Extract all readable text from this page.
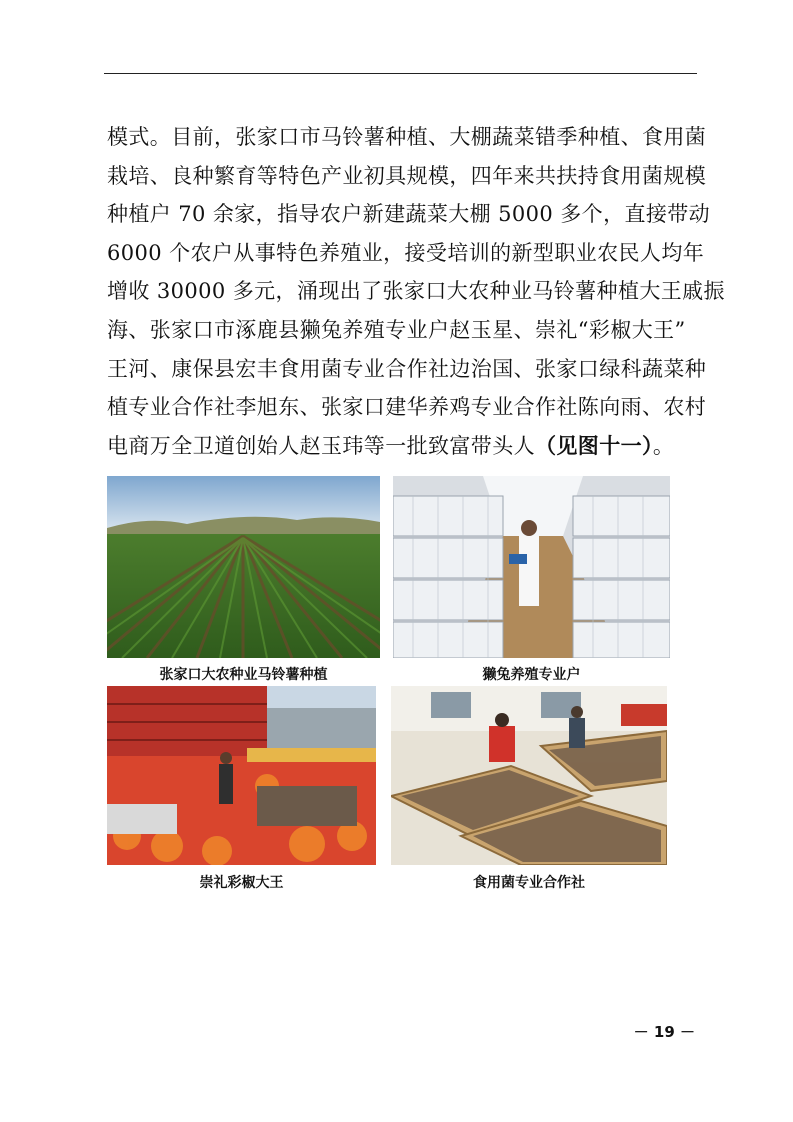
模式。目前，张家口市马铃薯种植、大棚蔬菜错季种植、食用菌
栽培、良种繁育等特色产业初具规模，四年来共扶持食用菌规模
种植户 70 余家，指导农户新建蔬菜大棚 5000 多个，直接带动
6000 个农户从事特色养殖业，接受培训的新型职业农民人均年
增收 30000 多元，涌现出了张家口大农种业马铃薯种植大王戚振
海、张家口市涿鹿县獭兔养殖专业户赵玉星、崇礼“彩椒大王”
王河、康保县宏丰食用菌专业合作社边治国、张家口绿科蔬菜种
植专业合作社李旭东、张家口建华养鸡专业合作社陈向雨、农村
电商万全卫道创始人赵玉玮等一批致富带头人（见图十一）。
张家口大农种业马铃薯种植	獭兔养殖专业户
崇礼彩椒大王	食用菌专业合作社
－ 19 －
